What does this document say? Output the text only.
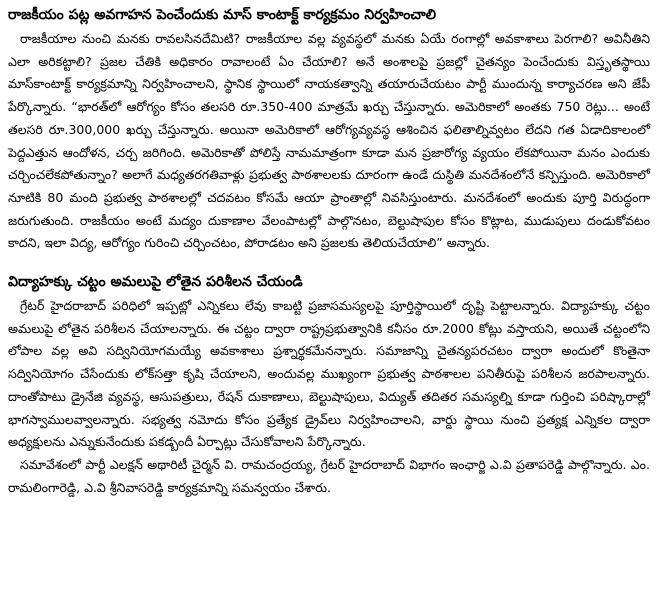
రాజకీయం పట్ల అవగాహన పెంచేందుకు మాస్ కాంటాక్ట్ కార్యక్రమం నిర్వహించాలి

రాజకీయాల నుంచి మనకు రావలసినదేమిటి? రాజకీయాల వల్ల వ్యవస్థలో మనకు ఏయే రంగాల్లో అవకాశాలు పెరగాలి? అవినీతిని ఎలా అరికట్టాలి? ప్రజల చేతికి అధికారం రావాలంటే ఏం చేయాలి? అనే అంశాలపై ప్రజల్లో చైతన్యం పెంచేందుకు విస్తృతస్థాయి మాస్‌కాంటాక్ట్ కార్యక్రమాన్ని నిర్వహించాలని, స్థానిక స్థాయిలో నాయకత్వాన్ని తయారుచేయటం పార్టీ ముందున్న కార్యాచరణ అని జేపీ పేర్కొన్నారు. “భారత్‌లో ఆరోగ్యం కోసం తలసరి రూ.350-400 మాత్రమే ఖర్చు చేస్తున్నారు. అమెరికాలో అంతకు 750 రెట్లు... అంటే తలసరి రూ.300,000 ఖర్చు చేస్తున్నారు. అయినా అమెరికాలో ఆరోగ్యవ్యవస్థ ఆశించిన ఫలితాల్నివ్వటం లేదని గత ఏడాదికాలంలో పెద్దఎత్తున ఆందోళన, చర్చ జరిగింది. అమెరికాతో పోలిస్తే నామమాత్రంగా కూడా మన ప్రజారోగ్య వ్యయం లేకపోయినా మనం ఎందుకు చర్చించలేకపోతున్నాం? అలాగే మధ్యతరగతివాళ్లు ప్రభుత్వ పాఠశాలలకు దూరంగా ఉండే దుస్థితి మనదేశంలోనే కన్పిస్తుంది. అమెరికాలో నూటికి 80 మంది ప్రభుత్వ పాఠశాలల్లో చదవటం కోసమే ఆయా ప్రాంతాల్లో నివసిస్తుంటారు. మనదేశంలో అందుకు పూర్తి విరుద్ధంగా జరుగుతుంది. రాజకీయం అంటే మద్యం దుకాణాల వేలంపాటల్లో పాల్గొనటం, బెల్టుషాపుల కోసం కొట్లాట, ముడుపులు దండుకోవటం కాదని, ఇలా విద్య, ఆరోగ్యం గురించి చర్చించటం, పోరాడటం అని ప్రజలకు తెలియచేయాలి” అన్నారు.

విద్యాహక్కు చట్టం అమలుపై లోతైన పరిశీలన చేయండి

గ్రేటర్ హైదరాబాద్ పరిధిలో ఇప్పట్లో ఎన్నికలు లేవు కాబట్టి ప్రజాసమస్యలపై పూర్తిస్థాయిలో దృష్టి పెట్టాలన్నారు. విద్యాహక్కు చట్టం అమలుపై లోతైన పరిశీలన చేయాలన్నారు. ఈ చట్టం ద్వారా రాష్ట్రప్రభుత్వానికి కనీసం రూ.2000 కోట్లు వస్తాయని, అయితే చట్టంలోని లోపాల వల్ల అవి సద్వినియోగమయ్యే అవకాశాలు ప్రశ్నార్థకమేనన్నారు. సమాజాన్ని చైతన్యపరచటం ద్వారా అందులో కొంతైనా సద్వినియోగం చేసేందుకు లోక్‌సత్తా కృషి చేయాలని, అందువల్ల ముఖ్యంగా ప్రభుత్వ పాఠశాలల పనితీరుపై పరిశీలన జరపాలన్నారు. దాంతోపాటు డ్రైనేజి వ్యవస్థ, ఆసుపత్రులు, రేషన్ దుకాణాలు, బెల్టుషాపులు, విద్యుత్ తదితర సమస్యల్ని కూడా గుర్తించి పరిష్కారాల్లో భాగస్వాములవ్వాలన్నారు. సభ్యత్వ నమోదు కోసం ప్రత్యేక డ్రైవ్‌లు నిర్వహించాలని, వార్డు స్థాయి నుంచి ప్రత్యక్ష ఎన్నికల ద్వారా అధ్యక్షులను ఎన్నుకునేందుకు పకడ్బందీ ఏర్పాట్లు చేసుకోవాలని పేర్కొన్నారు.

సమావేశంలో పార్టీ ఎలక్షన్ అథారిటీ చైర్మన్ వి. రామచంద్రయ్య, గ్రేటర్ హైదరాబాద్ విభాగం ఇంఛార్జి ఎ.వి ప్రతాపరెడ్డి పాల్గొన్నారు. ఎం. రామలింగారెడ్డి, ఎ.వి శ్రీనివాసరెడ్డి కార్యక్రమాన్ని సమన్వయం చేశారు.
